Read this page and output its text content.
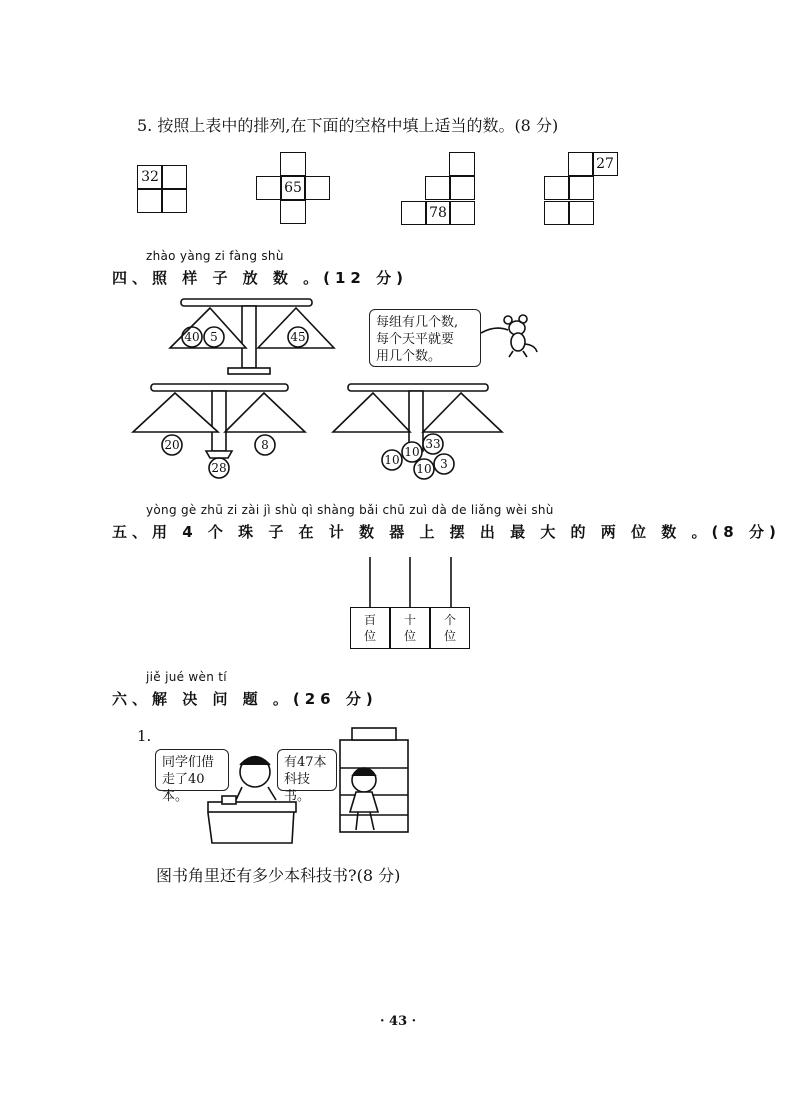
5. 按照上表中的排列,在下面的空格中填上适当的数。(8 分)
32
65
78
27
zhào yàng zi fàng shù
四、照 样 子 放 数 。(12 分)
40 5	45
20	8
28
33
10
10
10 3
每组有几个数,
每个天平就要
用几个数。
yòng gè zhū zi zài jì shù qì shàng bǎi chū zuì dà de liǎng wèi shù
五、用 4 个 珠 子 在 计 数 器 上 摆 出 最 大 的 两 位 数 。(8 分)
百
位
十
位
个
位
jiě jué wèn tí
六、解 决 问 题 。(26 分)
1.
同学们借
走了40本。
有47本
科技书。
图书角里还有多少本科技书?(8 分)
· 43 ·
